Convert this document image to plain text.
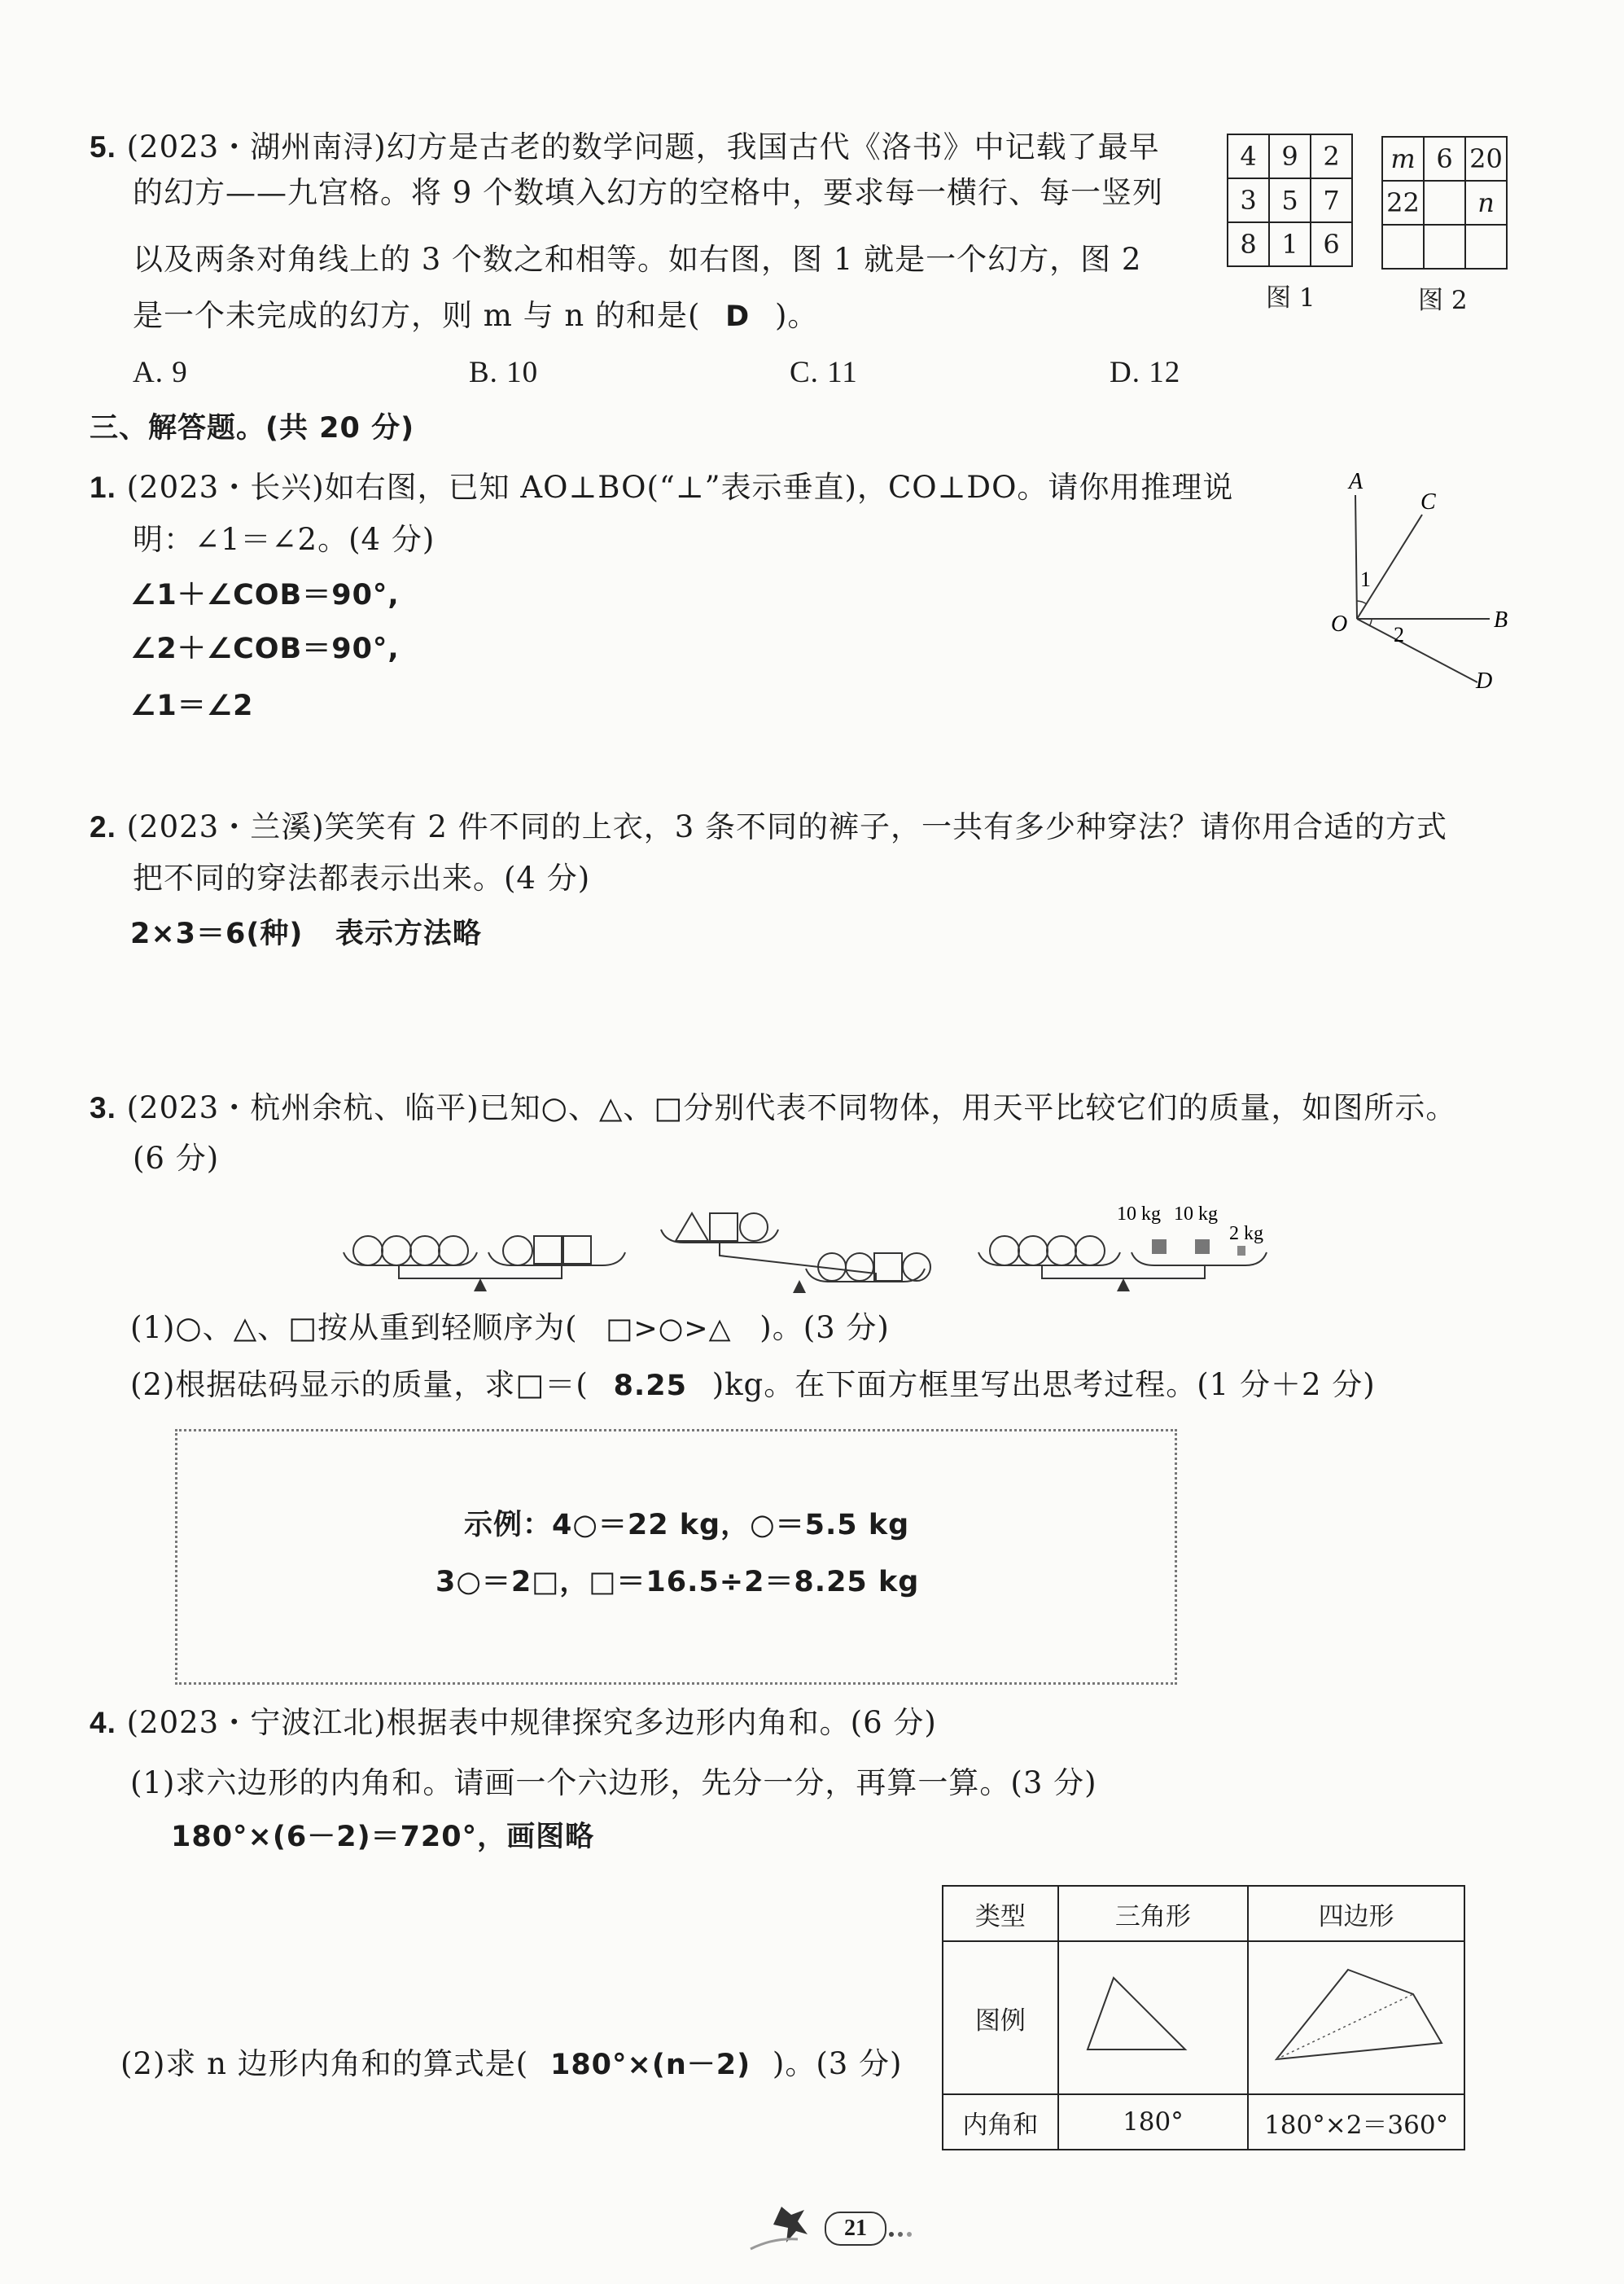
5. (2023・湖州南浔)幻方是古老的数学问题，我国古代《洛书》中记载了最早
的幻方——九宫格。将 9 个数填入幻方的空格中，要求每一横行、每一竖列
以及两条对角线上的 3 个数之和相等。如右图，图 1 就是一个幻方，图 2
是一个未完成的幻方，则 m 与 n 的和是( D )。
A. 9	B. 10	C. 11	D. 12
4	9	2
3	5	7
8	1	6
图 1
m	6	20
22		n

图 2
三、解答题。(共 20 分)
1. (2023・长兴)如右图，已知 AO⊥BO(“⊥”表示垂直)，CO⊥DO。请你用推理说
明：∠1＝∠2。(4 分)
∠1＋∠COB＝90°,
∠2＋∠COB＝90°,
∠1＝∠2
A
C
O	B
D
1
2
2. (2023・兰溪)笑笑有 2 件不同的上衣，3 条不同的裤子，一共有多少种穿法？请你用合适的方式
把不同的穿法都表示出来。(4 分)
2×3＝6(种)   表示方法略
3. (2023・杭州余杭、临平)已知○、△、□分别代表不同物体，用天平比较它们的质量，如图所示。
(6 分)
10 kg 10 kg
2 kg
(1)○、△、□按从重到轻顺序为( □>○>△ )。(3 分)
(2)根据砝码显示的质量，求□＝( 8.25 )kg。在下面方框里写出思考过程。(1 分＋2 分)
示例：4○＝22 kg，○＝5.5 kg
3○＝2□，□＝16.5÷2＝8.25 kg
4. (2023・宁波江北)根据表中规律探究多边形内角和。(6 分)
(1)求六边形的内角和。请画一个六边形，先分一分，再算一算。(3 分)
180°×(6－2)＝720°，画图略
(2)求 n 边形内角和的算式是( 180°×(n－2) )。(3 分)
类型	三角形	四边形
图例		
内角和	180°	180°×2＝360°
21
